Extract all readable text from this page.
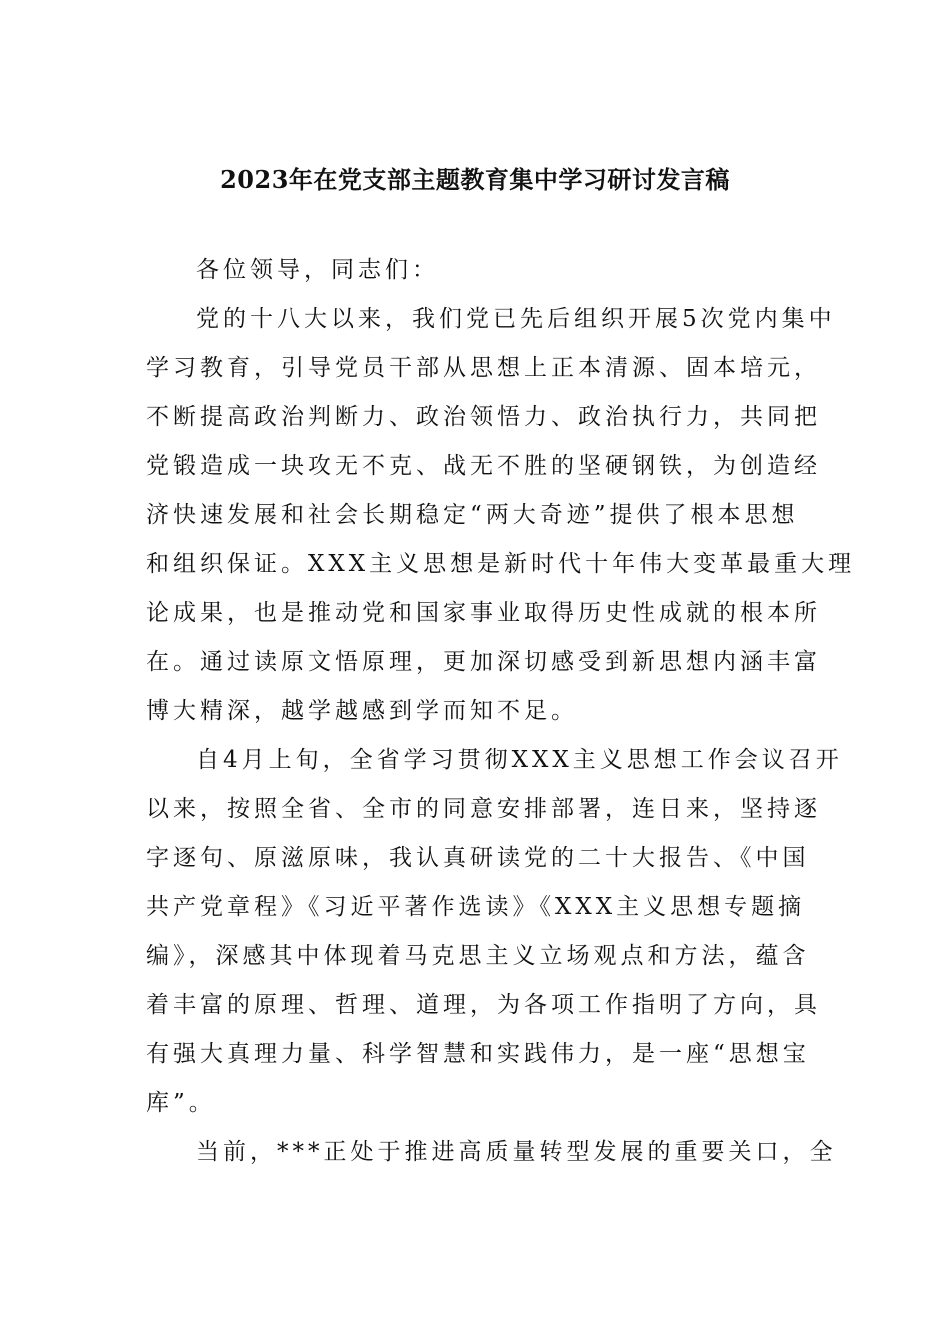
2023年在党支部主题教育集中学习研讨发言稿
各位领导，同志们：
党的十八大以来，我们党已先后组织开展5次党内集中
学习教育，引导党员干部从思想上正本清源、固本培元，
不断提高政治判断力、政治领悟力、政治执行力，共同把
党锻造成一块攻无不克、战无不胜的坚硬钢铁，为创造经
济快速发展和社会长期稳定“两大奇迹”提供了根本思想
和组织保证。XXX主义思想是新时代十年伟大变革最重大理
论成果，也是推动党和国家事业取得历史性成就的根本所
在。通过读原文悟原理，更加深切感受到新思想内涵丰富
博大精深，越学越感到学而知不足。
自4月上旬，全省学习贯彻XXX主义思想工作会议召开
以来，按照全省、全市的同意安排部署，连日来，坚持逐
字逐句、原滋原味，我认真研读党的二十大报告、《中国
共产党章程》《习近平著作选读》《XXX主义思想专题摘
编》，深感其中体现着马克思主义立场观点和方法，蕴含
着丰富的原理、哲理、道理，为各项工作指明了方向，具
有强大真理力量、科学智慧和实践伟力，是一座“思想宝
库”。
当前，***正处于推进高质量转型发展的重要关口，全
